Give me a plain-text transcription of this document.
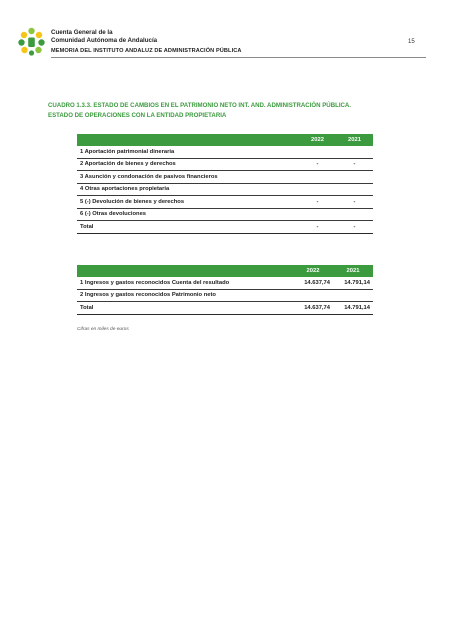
Cuenta General de la
Comunidad Autónoma de Andalucía
MEMORIA DEL INSTITUTO ANDALUZ DE ADMINISTRACIÓN PÚBLICA
15
CUADRO 1.3.3. ESTADO DE CAMBIOS EN EL PATRIMONIO NETO INT. AND. ADMINISTRACIÓN PÚBLICA.
ESTADO DE OPERACIONES CON LA ENTIDAD PROPIETARIA
	2022	2021
1 Aportación patrimonial dineraria		
2 Aportación de bienes y derechos	-	-
3 Asunción y condonación de pasivos financieros		
4 Otras aportaciones propietaria		
5 (-) Devolución de bienes y derechos	-	-
6 (-) Otras devoluciones		
Total	-	-
	2022	2021
1 Ingresos y gastos reconocidos Cuenta del resultado	14.637,74	14.791,14
2 Ingresos y gastos reconocidos Patrimonio neto		
Total	14.637,74	14.791,14
Cifras en miles de euros
